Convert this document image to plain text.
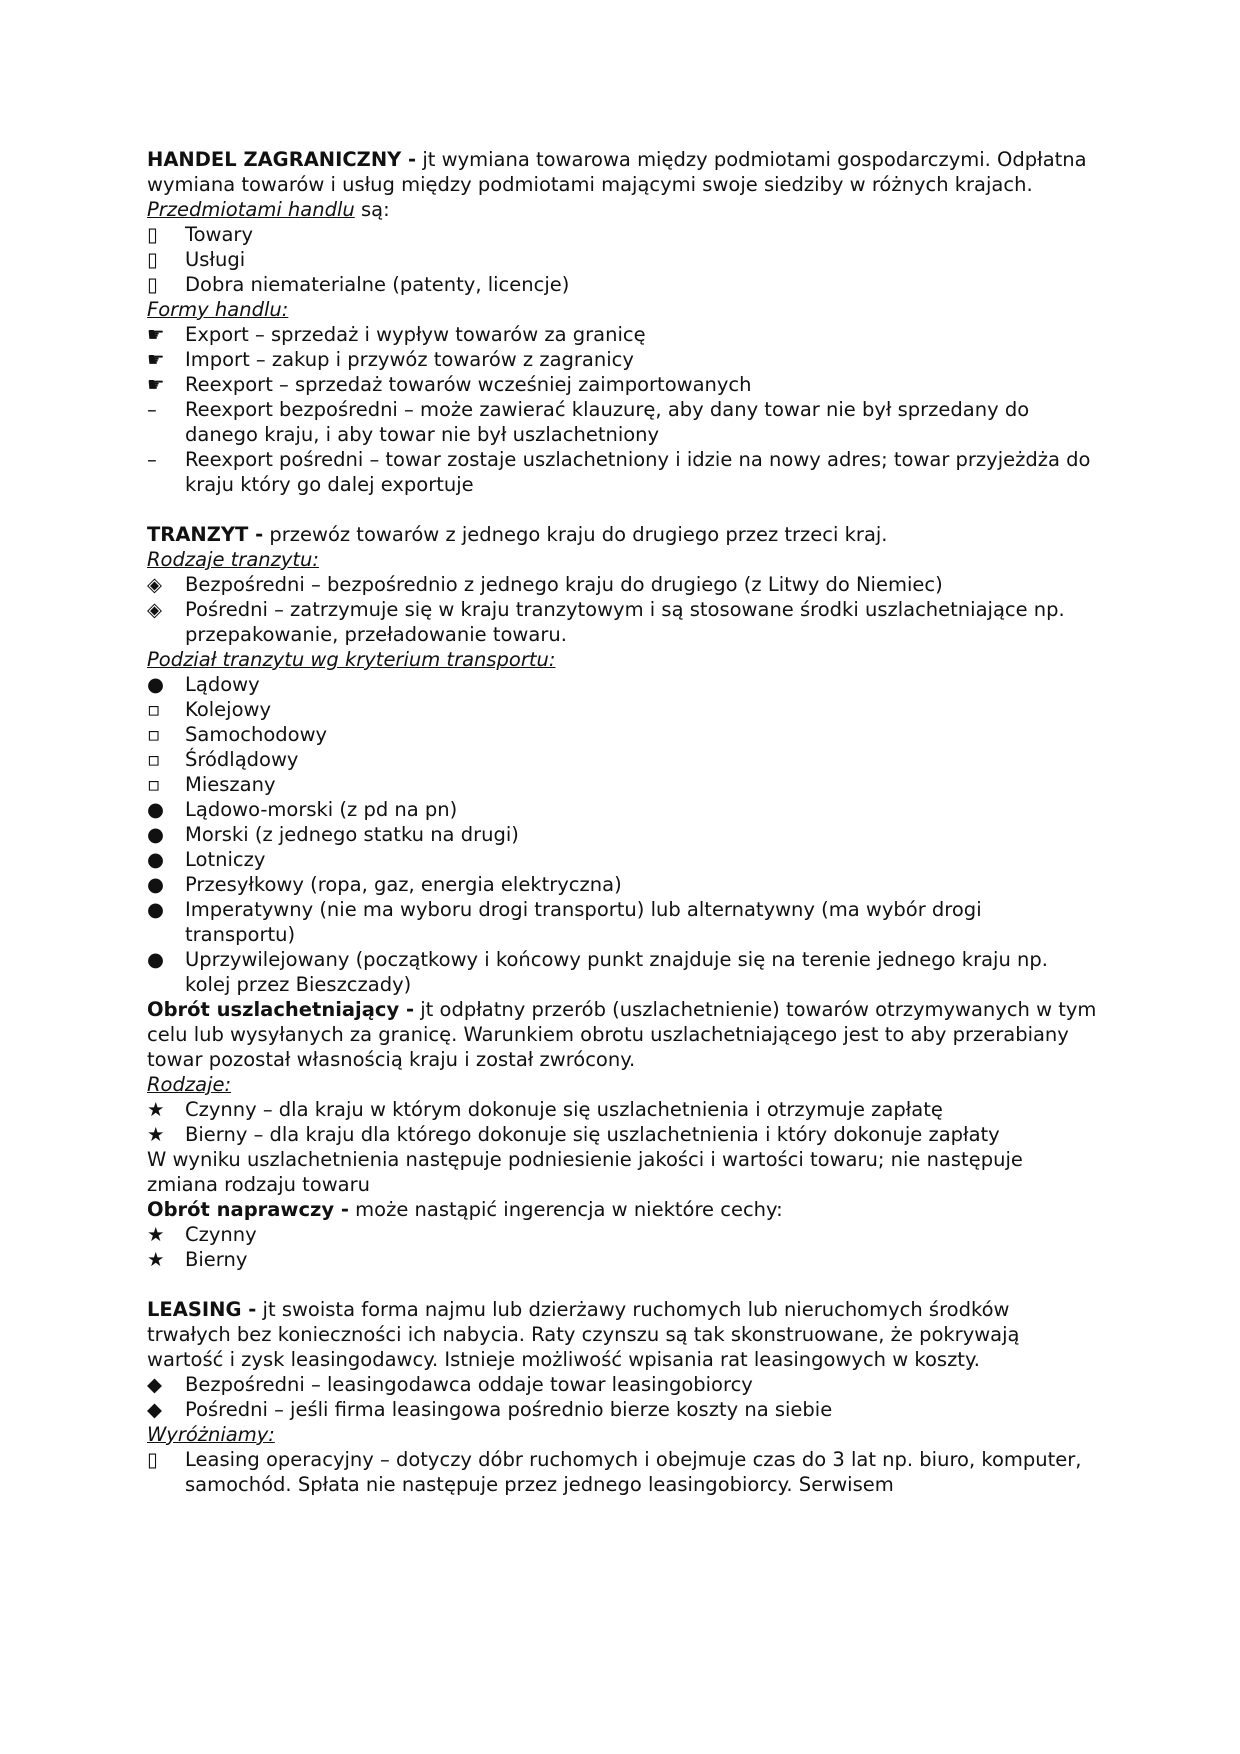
HANDEL ZAGRANICZNY - jt wymiana towarowa między podmiotami gospodarczymi. Odpłatna wymiana towarów i usług między podmiotami mającymi swoje siedziby w różnych krajach.

Przedmiotami handlu są:

▯	Towary
▯	Usługi
▯	Dobra niematerialne (patenty, licencje)

Formy handlu:

☛	Export – sprzedaż i wypływ towarów za granicę
☛	Import – zakup i przywóz towarów z zagranicy
☛	Reexport – sprzedaż towarów wcześniej zaimportowanych
–	Reexport bezpośredni – może zawierać klauzurę, aby dany towar nie był sprzedany do danego kraju, i aby towar nie był uszlachetniony
–	Reexport pośredni – towar zostaje uszlachetniony i idzie na nowy adres; towar przyjeżdża do kraju który go dalej exportuje

TRANZYT - przewóz towarów z jednego kraju do drugiego przez trzeci kraj.

Rodzaje tranzytu:

◈	Bezpośredni – bezpośrednio z jednego kraju do drugiego (z Litwy do Niemiec)
◈	Pośredni – zatrzymuje się w kraju tranzytowym i są stosowane środki uszlachetniające np. przepakowanie, przeładowanie towaru.

Podział tranzytu wg kryterium transportu:

●	Lądowy
▫	Kolejowy
▫	Samochodowy
▫	Śródlądowy
▫	Mieszany
●	Lądowo-morski (z pd na pn)
●	Morski (z jednego statku na drugi)
●	Lotniczy
●	Przesyłkowy (ropa, gaz, energia elektryczna)
●	Imperatywny (nie ma wyboru drogi transportu) lub alternatywny (ma wybór drogi transportu)
●	Uprzywilejowany (początkowy i końcowy punkt znajduje się na terenie jednego kraju np. kolej przez Bieszczady)

Obrót uszlachetniający - jt odpłatny przerób (uszlachetnienie) towarów otrzymywanych w tym celu lub wysyłanych za granicę. Warunkiem obrotu uszlachetniającego jest to aby przerabiany towar pozostał własnością kraju i został zwrócony.

Rodzaje:

★	Czynny – dla kraju w którym dokonuje się uszlachetnienia i otrzymuje zapłatę
★	Bierny – dla kraju dla którego dokonuje się uszlachetnienia i który dokonuje zapłaty

W wyniku uszlachetnienia następuje podniesienie jakości i wartości towaru; nie następuje zmiana rodzaju towaru

Obrót naprawczy - może nastąpić ingerencja w niektóre cechy:

★	Czynny
★	Bierny

LEASING - jt swoista forma najmu lub dzierżawy ruchomych lub nieruchomych środków trwałych bez konieczności ich nabycia. Raty czynszu są tak skonstruowane, że pokrywają wartość i zysk leasingodawcy. Istnieje możliwość wpisania rat leasingowych w koszty.

◆	Bezpośredni – leasingodawca oddaje towar leasingobiorcy
◆	Pośredni – jeśli firma leasingowa pośrednio bierze koszty na siebie

Wyróżniamy:

▯	Leasing operacyjny – dotyczy dóbr ruchomych i obejmuje czas do 3 lat np. biuro, komputer, samochód. Spłata nie następuje przez jednego leasingobiorcy. Serwisem
